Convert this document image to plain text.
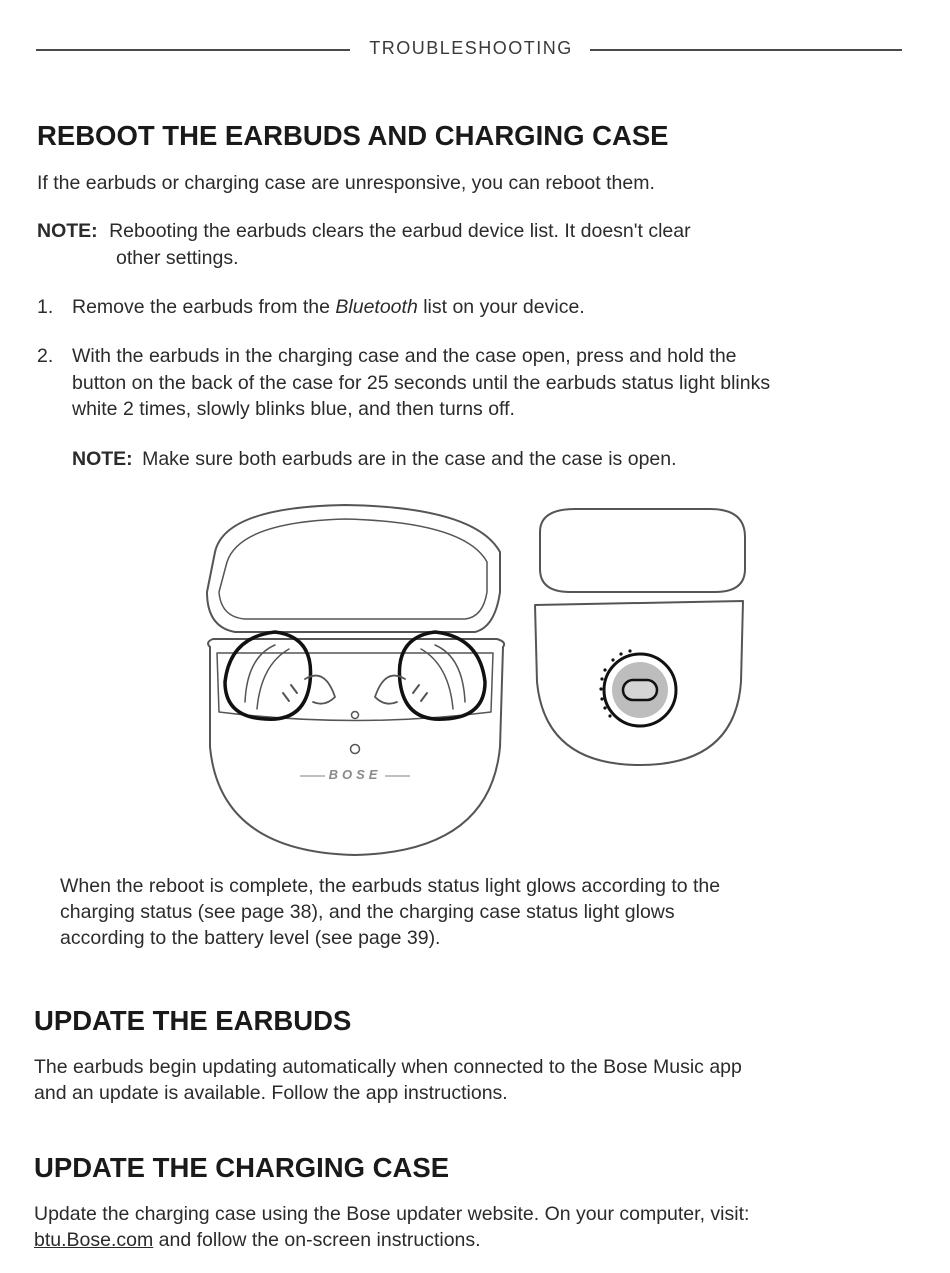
TROUBLESHOOTING
REBOOT THE EARBUDS AND CHARGING CASE

If the earbuds or charging case are unresponsive, you can reboot them.

NOTE: Rebooting the earbuds clears the earbud device list. It doesn't clear

other settings.

1. Remove the earbuds from the Bluetooth list on your device.

2. With the earbuds in the charging case and the case open, press and hold the

button on the back of the case for 25 seconds until the earbuds status light blinks

white 2 times, slowly blinks blue, and then turns off.

NOTE: Make sure both earbuds are in the case and the case is open.

BOSE

When the reboot is complete, the earbuds status light glows according to the

charging status (see page 38), and the charging case status light glows

according to the battery level (see page 39).

UPDATE THE EARBUDS

The earbuds begin updating automatically when connected to the Bose Music app

and an update is available. Follow the app instructions.

UPDATE THE CHARGING CASE

Update the charging case using the Bose updater website. On your computer, visit:

btu.Bose.com and follow the on-screen instructions.
